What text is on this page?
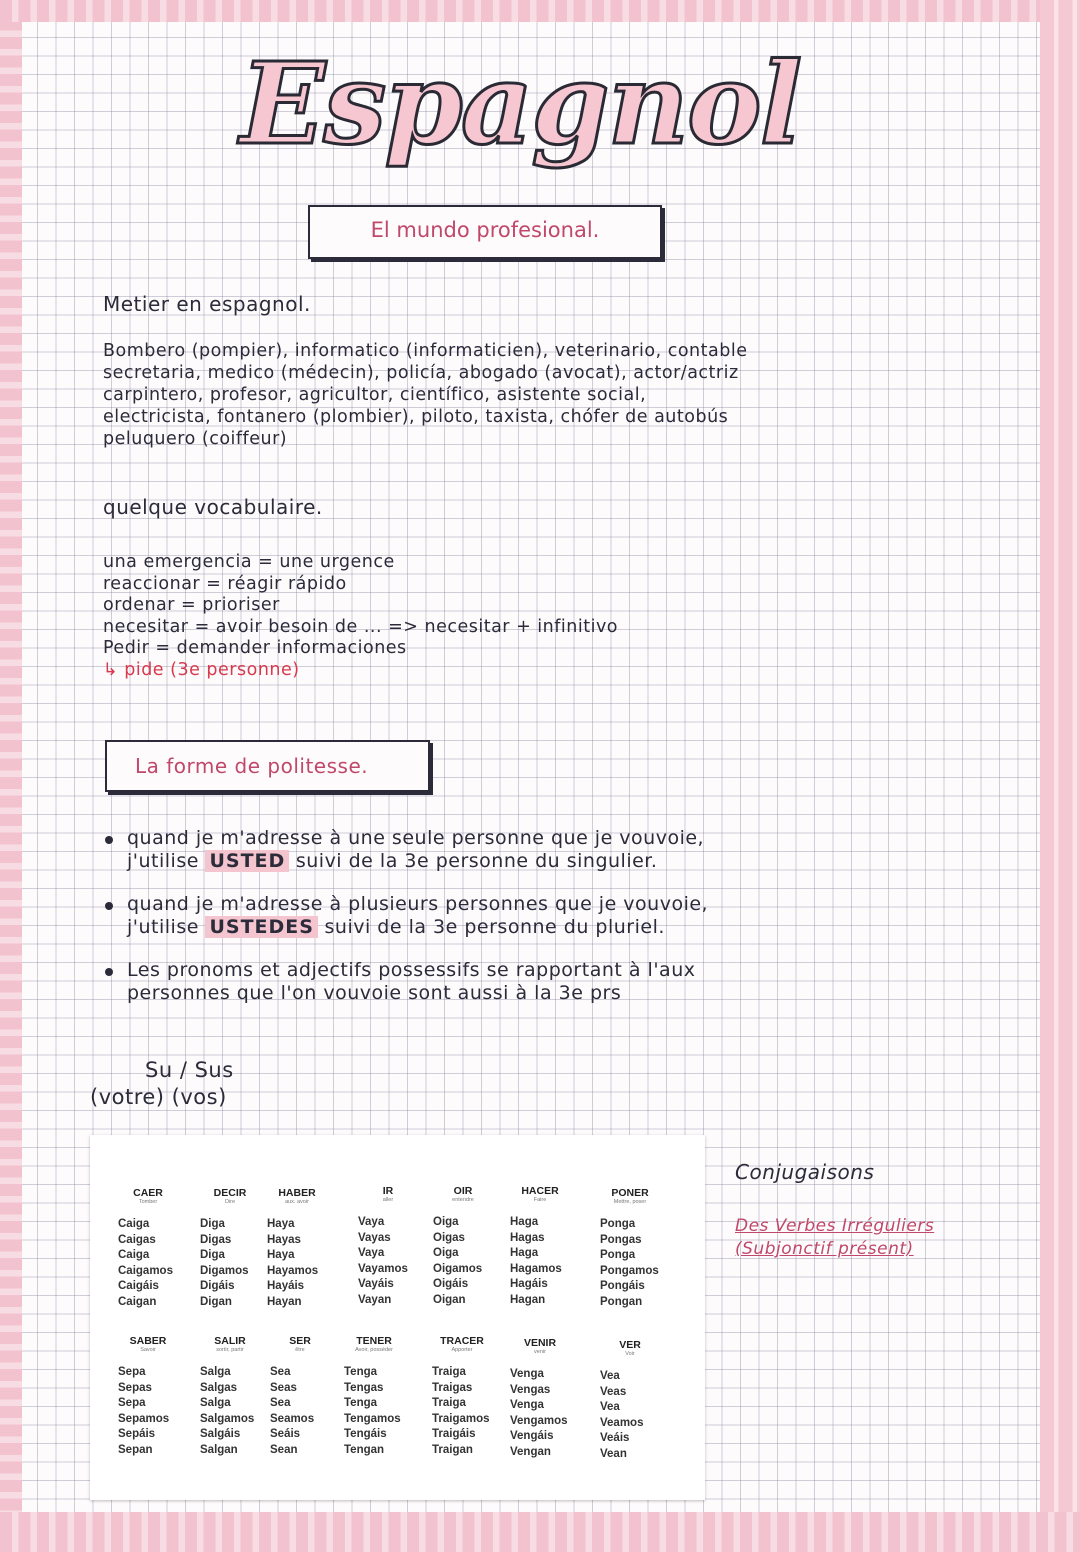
Espagnol
El mundo profesional.
Metier en espagnol.
Bombero (pompier), informatico (informaticien), veterinario, contable
secretaria, medico (médecin), policía, abogado (avocat), actor/actriz
carpintero, profesor, agricultor, científico, asistente social,
electricista, fontanero (plombier), piloto, taxista, chófer de autobús
peluquero (coiffeur)
quelque vocabulaire.
una emergencia = une urgence
reaccionar = réagir rápido
ordenar = prioriser
necesitar = avoir besoin de ... => necesitar + infinitivo
Pedir = demander informaciones
↳ pide (3e personne)
La forme de politesse.
quand je m'adresse à une seule personne que je vouvoie,
j'utilise USTED suivi de la 3e personne du singulier.
quand je m'adresse à plusieurs personnes que je vouvoie,
j'utilise USTEDES suivi de la 3e personne du pluriel.
Les pronoms et adjectifs possessifs se rapportant à l'aux
personnes que l'on vouvoie sont aussi à la 3e prs
Su / Sus
(votre) (vos)
CAER
Tomber
Caiga
Caigas
Caiga
Caigamos
Caigáis
Caigan
DECIR
Dire
Diga
Digas
Diga
Digamos
Digáis
Digan
HABER
aux. avoir
Haya
Hayas
Haya
Hayamos
Hayáis
Hayan
IR
aller
Vaya
Vayas
Vaya
Vayamos
Vayáis
Vayan
OIR
entendre
Oiga
Oigas
Oiga
Oigamos
Oigáis
Oigan
HACER
Faire
Haga
Hagas
Haga
Hagamos
Hagáis
Hagan
PONER
Mettre, poser
Ponga
Pongas
Ponga
Pongamos
Pongáis
Pongan
SABER
Savoir
Sepa
Sepas
Sepa
Sepamos
Sepáis
Sepan
SALIR
sortir, partir
Salga
Salgas
Salga
Salgamos
Salgáis
Salgan
SER
être
Sea
Seas
Sea
Seamos
Seáis
Sean
TENER
Avoir, posséder
Tenga
Tengas
Tenga
Tengamos
Tengáis
Tengan
TRACER
Apporter
Traiga
Traigas
Traiga
Traigamos
Traigáis
Traigan
VENIR
venir
Venga
Vengas
Venga
Vengamos
Vengáis
Vengan
VER
Voir
Vea
Veas
Vea
Veamos
Veáis
Vean
Conjugaisons
Des Verbes Irréguliers
(Subjonctif présent)
